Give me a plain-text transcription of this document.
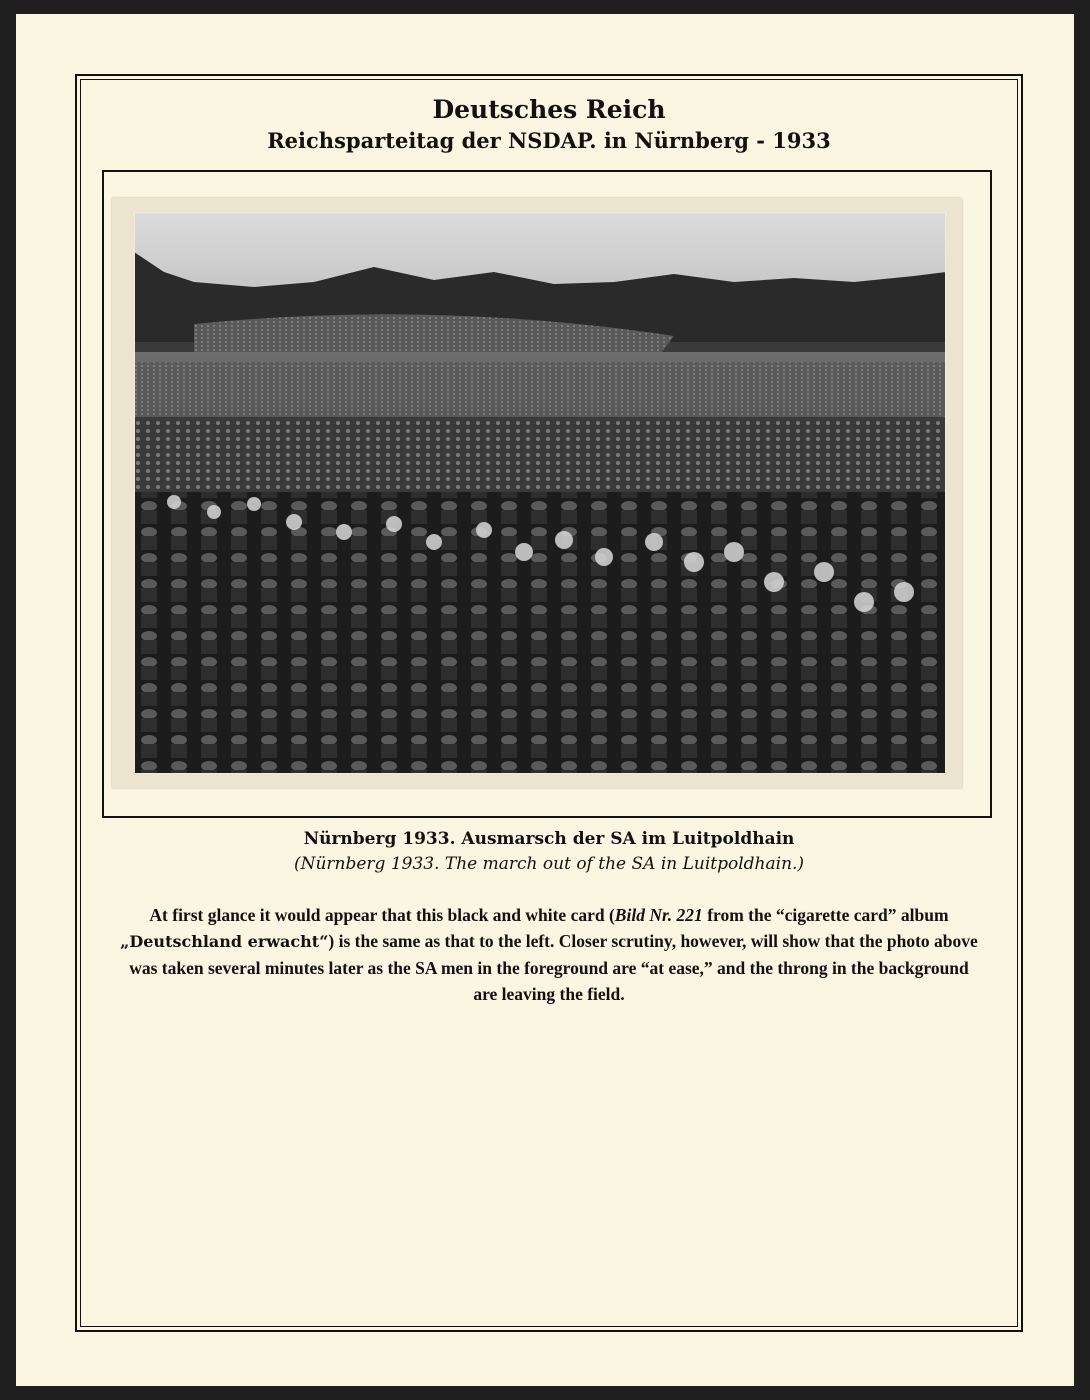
Deutsches Reich
Reichsparteitag der NSDAP. in Nürnberg - 1933
Nürnberg 1933. Ausmarsch der SA im Luitpoldhain
(Nürnberg 1933. The march out of the SA in Luitpoldhain.)
At first glance it would appear that this black and white card (Bild Nr. 221 from the “cigarette card” album „Deutschland erwacht“) is the same as that to the left. Closer scrutiny, however, will show that the photo above was taken several minutes later as the SA men in the foreground are “at ease,” and the throng in the background are leaving the field.
